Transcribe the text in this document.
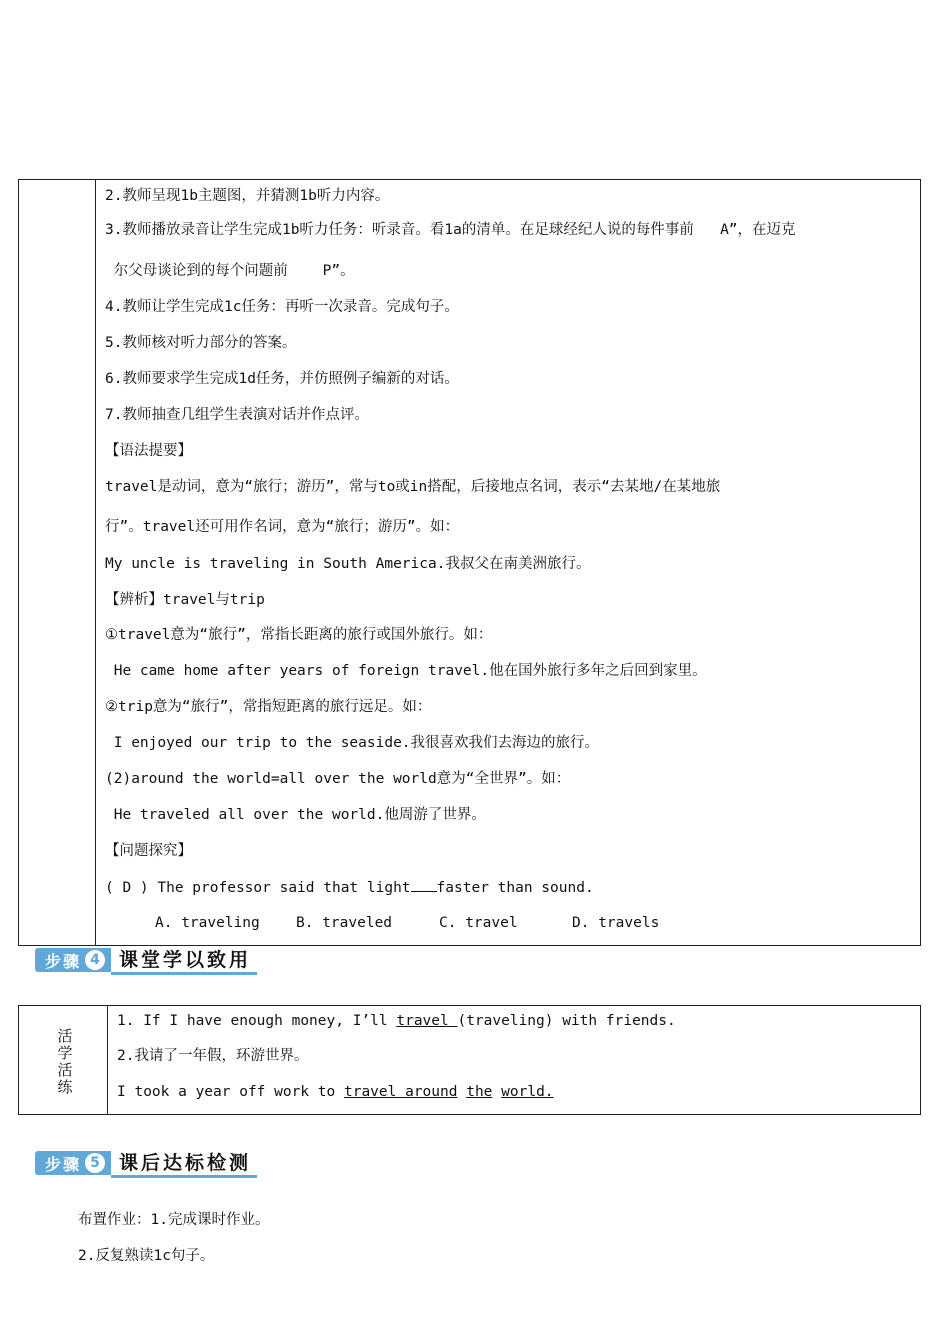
2.教师呈现1b主题图，并猜测1b听力内容。
3.教师播放录音让学生完成1b听力任务：听录音。看1a的清单。在足球经纪人说的每件事前   A”，在迈克
尔父母谈论到的每个问题前    P”。
4.教师让学生完成1c任务：再听一次录音。完成句子。
5.教师核对听力部分的答案。
6.教师要求学生完成1d任务，并仿照例子编新的对话。
7.教师抽查几组学生表演对话并作点评。
【语法提要】
travel是动词，意为“旅行；游历”，常与to或in搭配，后接地点名词，表示“去某地/在某地旅
行”。travel还可用作名词，意为“旅行；游历”。如：
My uncle is traveling in South America.我叔父在南美洲旅行。
【辨析】travel与trip
①travel意为“旅行”，常指长距离的旅行或国外旅行。如：
He came home after years of foreign travel.他在国外旅行多年之后回到家里。
②trip意为“旅行”，常指短距离的旅行远足。如：
I enjoyed our trip to the seaside.我很喜欢我们去海边的旅行。
(2)around the world=all over the world意为“全世界”。如：
He traveled all over the world.他周游了世界。
【问题探究】
( D ) The professor said that light faster than sound.
A. traveling B. traveled	C. travel	D. travels
步骤 4	课堂学以致用
活
学
活
练
1. If I have enough money, I’ll travel (traveling) with friends.
2.我请了一年假，环游世界。
I took a year off work to travel around the world.
步骤 5	课后达标检测
布置作业：1.完成课时作业。
2.反复熟读1c句子。
